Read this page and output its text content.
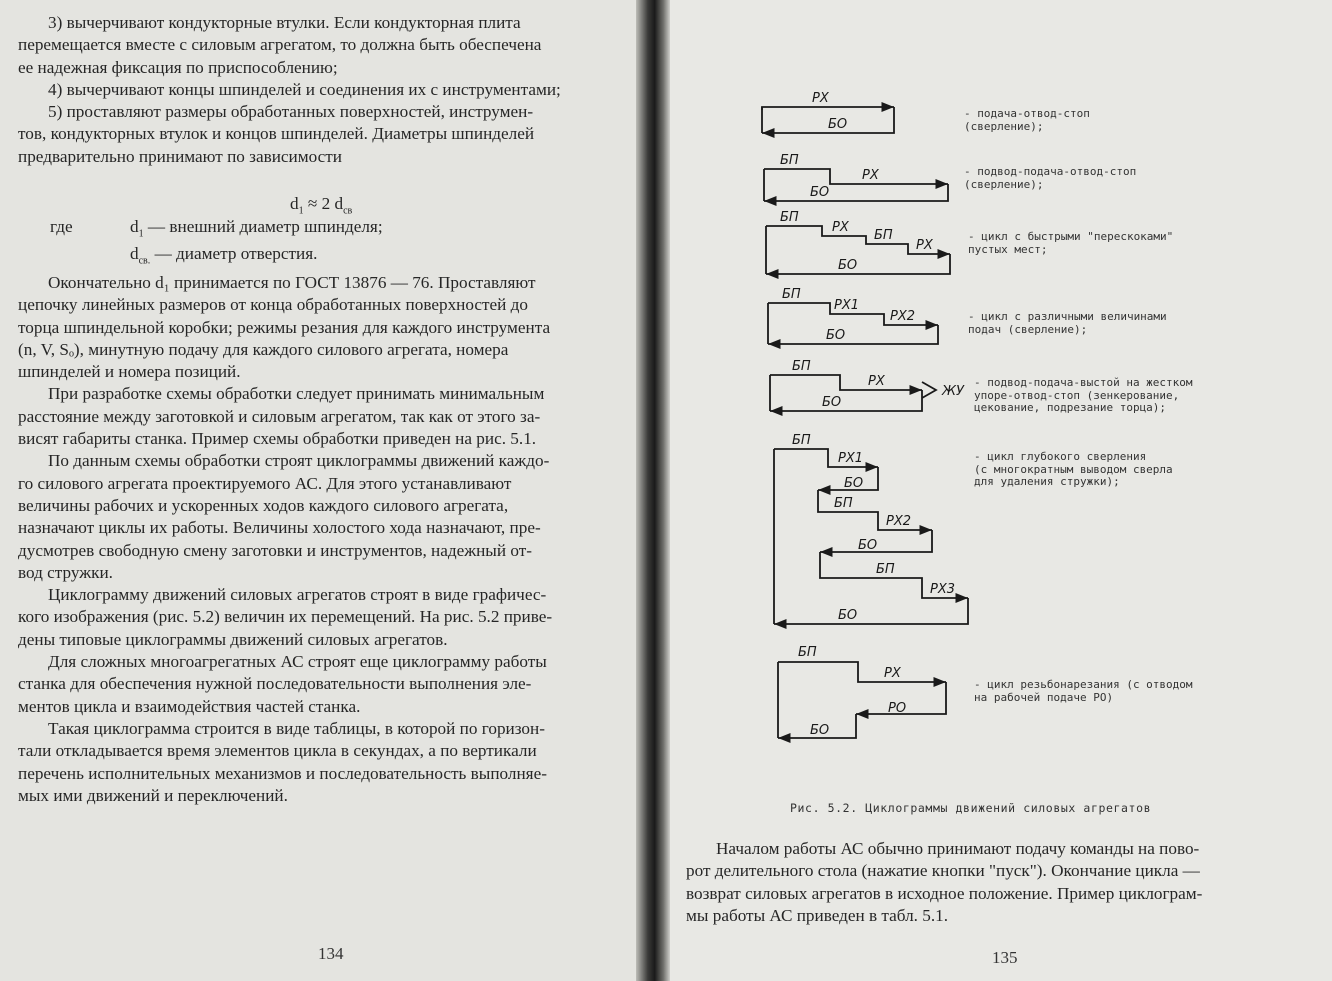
3) вычерчивают кондукторные втулки. Если кондукторная плита
перемещается вместе с силовым агрегатом, то должна быть обеспечена
ее надежная фиксация по приспособлению;
4) вычерчивают концы шпинделей и соединения их с инструментами;
5) проставляют размеры обработанных поверхностей, инструмен-
тов, кондукторных втулок и концов шпинделей. Диаметры шпинделей
предварительно принимают по зависимости
$d_1 \approx 2$ $d_{св}$
где	$d_1$ — внешний диаметр шпинделя;
$d_{св.}$ — диаметр отверстия.
Окончательно d₁ принимается по ГОСТ 13876 — 76. Проставляют
цепочку линейных размеров от конца обработанных поверхностей до
торца шпиндельной коробки; режимы резания для каждого инструмента
(n, V, Sₒ), минутную подачу для каждого силового агрегата, номера
шпинделей и номера позиций.
При разработке схемы обработки следует принимать минимальным
расстояние между заготовкой и силовым агрегатом, так как от этого за-
висят габариты станка. Пример схемы обработки приведен на рис. 5.1.
По данным схемы обработки строят циклограммы движений каждо-
го силового агрегата проектируемого АС. Для этого устанавливают
величины рабочих и ускоренных ходов каждого силового агрегата,
назначают циклы их работы. Величины холостого хода назначают, пре-
дусмотрев свободную смену заготовки и инструментов, надежный от-
вод стружки.
Циклограмму движений силовых агрегатов строят в виде графичес-
кого изображения (рис. 5.2) величин их перемещений. На рис. 5.2 приве-
дены типовые циклограммы движений силовых агрегатов.
Для сложных многоагрегатных АС строят еще циклограмму работы
станка для обеспечения нужной последовательности выполнения эле-
ментов цикла и взаимодействия частей станка.
Такая циклограмма строится в виде таблицы, в которой по горизон-
тали откладывается время элементов цикла в секундах, а по вертикали
перечень исполнительных механизмов и последовательность выполняе-
мых ими движений и переключений.
134
РХ
БО
БП
РХ
БО
БП
РХ
БП
РХ
БО
БП
РХ1
РХ2
БО
БП
РХ
ЖУ
БО
БП
РХ1
БО
БП
РХ2
БО
БП
РХ3
БО
БП
РХ
РО
БО
- подача-отвод-стоп
(сверление);
- подвод-подача-отвод-стоп
(сверление);
- цикл с быстрыми "перескоками"
пустых мест;
- цикл с различными величинами
подач (сверление);
- подвод-подача-выстой на жестком
упоре-отвод-стоп (зенкерование,
цекование, подрезание торца);
- цикл глубокого сверления
(с многократным выводом сверла
для удаления стружки);
- цикл резьбонарезания (с отводом
на рабочей подаче РО)
Рис. 5.2. Циклограммы движений силовых агрегатов
Началом работы АС обычно принимают подачу команды на пово-
рот делительного стола (нажатие кнопки "пуск"). Окончание цикла —
возврат силовых агрегатов в исходное положение. Пример циклограм-
мы работы АС приведен в табл. 5.1.
135
